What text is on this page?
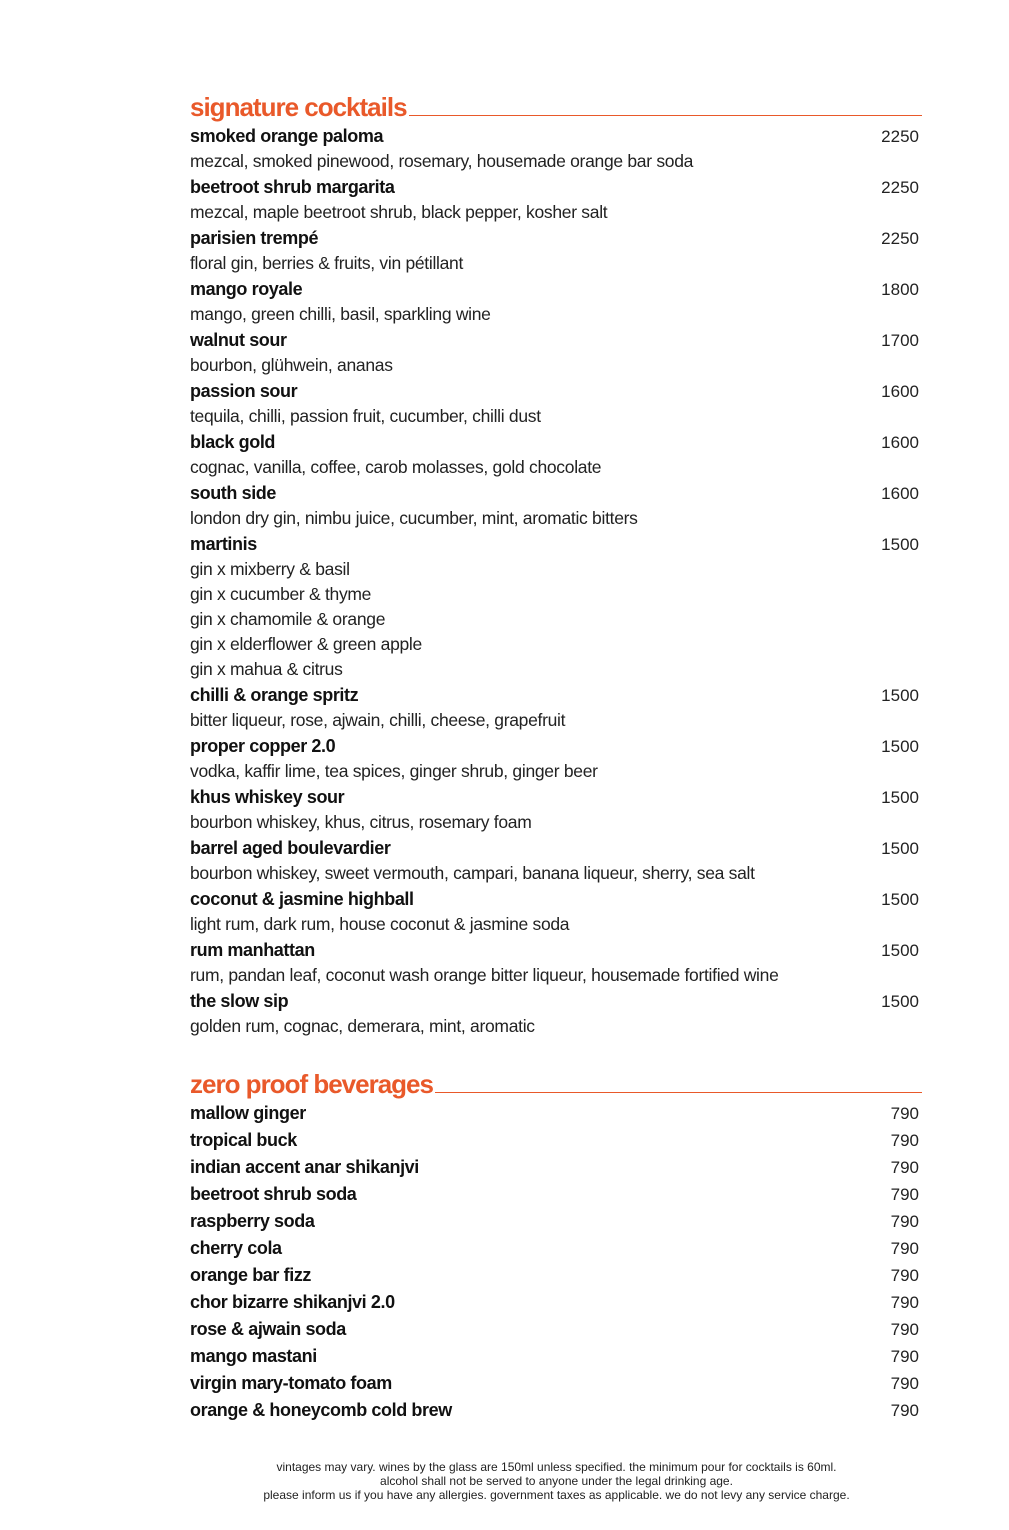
signature cocktails
smoked orange paloma	2250
mezcal, smoked pinewood, rosemary, housemade orange bar soda
beetroot shrub margarita	2250
mezcal, maple beetroot shrub, black pepper, kosher salt
parisien trempé	2250
floral gin, berries & fruits, vin pétillant
mango royale	1800
mango, green chilli, basil, sparkling wine
walnut sour	1700
bourbon, glühwein, ananas
passion sour	1600
tequila, chilli, passion fruit, cucumber, chilli dust
black gold	1600
cognac, vanilla, coffee, carob molasses, gold chocolate
south side	1600
london dry gin, nimbu juice, cucumber, mint, aromatic bitters
martinis	1500
gin x mixberry & basil
gin x cucumber & thyme
gin x chamomile & orange
gin x elderflower & green apple
gin x mahua & citrus
chilli & orange spritz	1500
bitter liqueur, rose, ajwain, chilli, cheese, grapefruit
proper copper 2.0	1500
vodka, kaffir lime, tea spices, ginger shrub, ginger beer
khus whiskey sour	1500
bourbon whiskey, khus, citrus, rosemary foam
barrel aged boulevardier	1500
bourbon whiskey, sweet vermouth, campari, banana liqueur, sherry, sea salt
coconut & jasmine highball	1500
light rum, dark rum, house coconut & jasmine soda
rum manhattan	1500
rum, pandan leaf, coconut wash orange bitter liqueur, housemade fortified wine
the slow sip	1500
golden rum, cognac, demerara, mint, aromatic
zero proof beverages
mallow ginger	790
tropical buck	790
indian accent anar shikanjvi	790
beetroot shrub soda	790
raspberry soda	790
cherry cola	790
orange bar fizz	790
chor bizarre shikanjvi 2.0	790
rose & ajwain soda	790
mango mastani	790
virgin mary-tomato foam	790
orange & honeycomb cold brew	790
vintages may vary. wines by the glass are 150ml unless specified. the minimum pour for cocktails is 60ml.
alcohol shall not be served to anyone under the legal drinking age.
please inform us if you have any allergies. government taxes as applicable. we do not levy any service charge.
